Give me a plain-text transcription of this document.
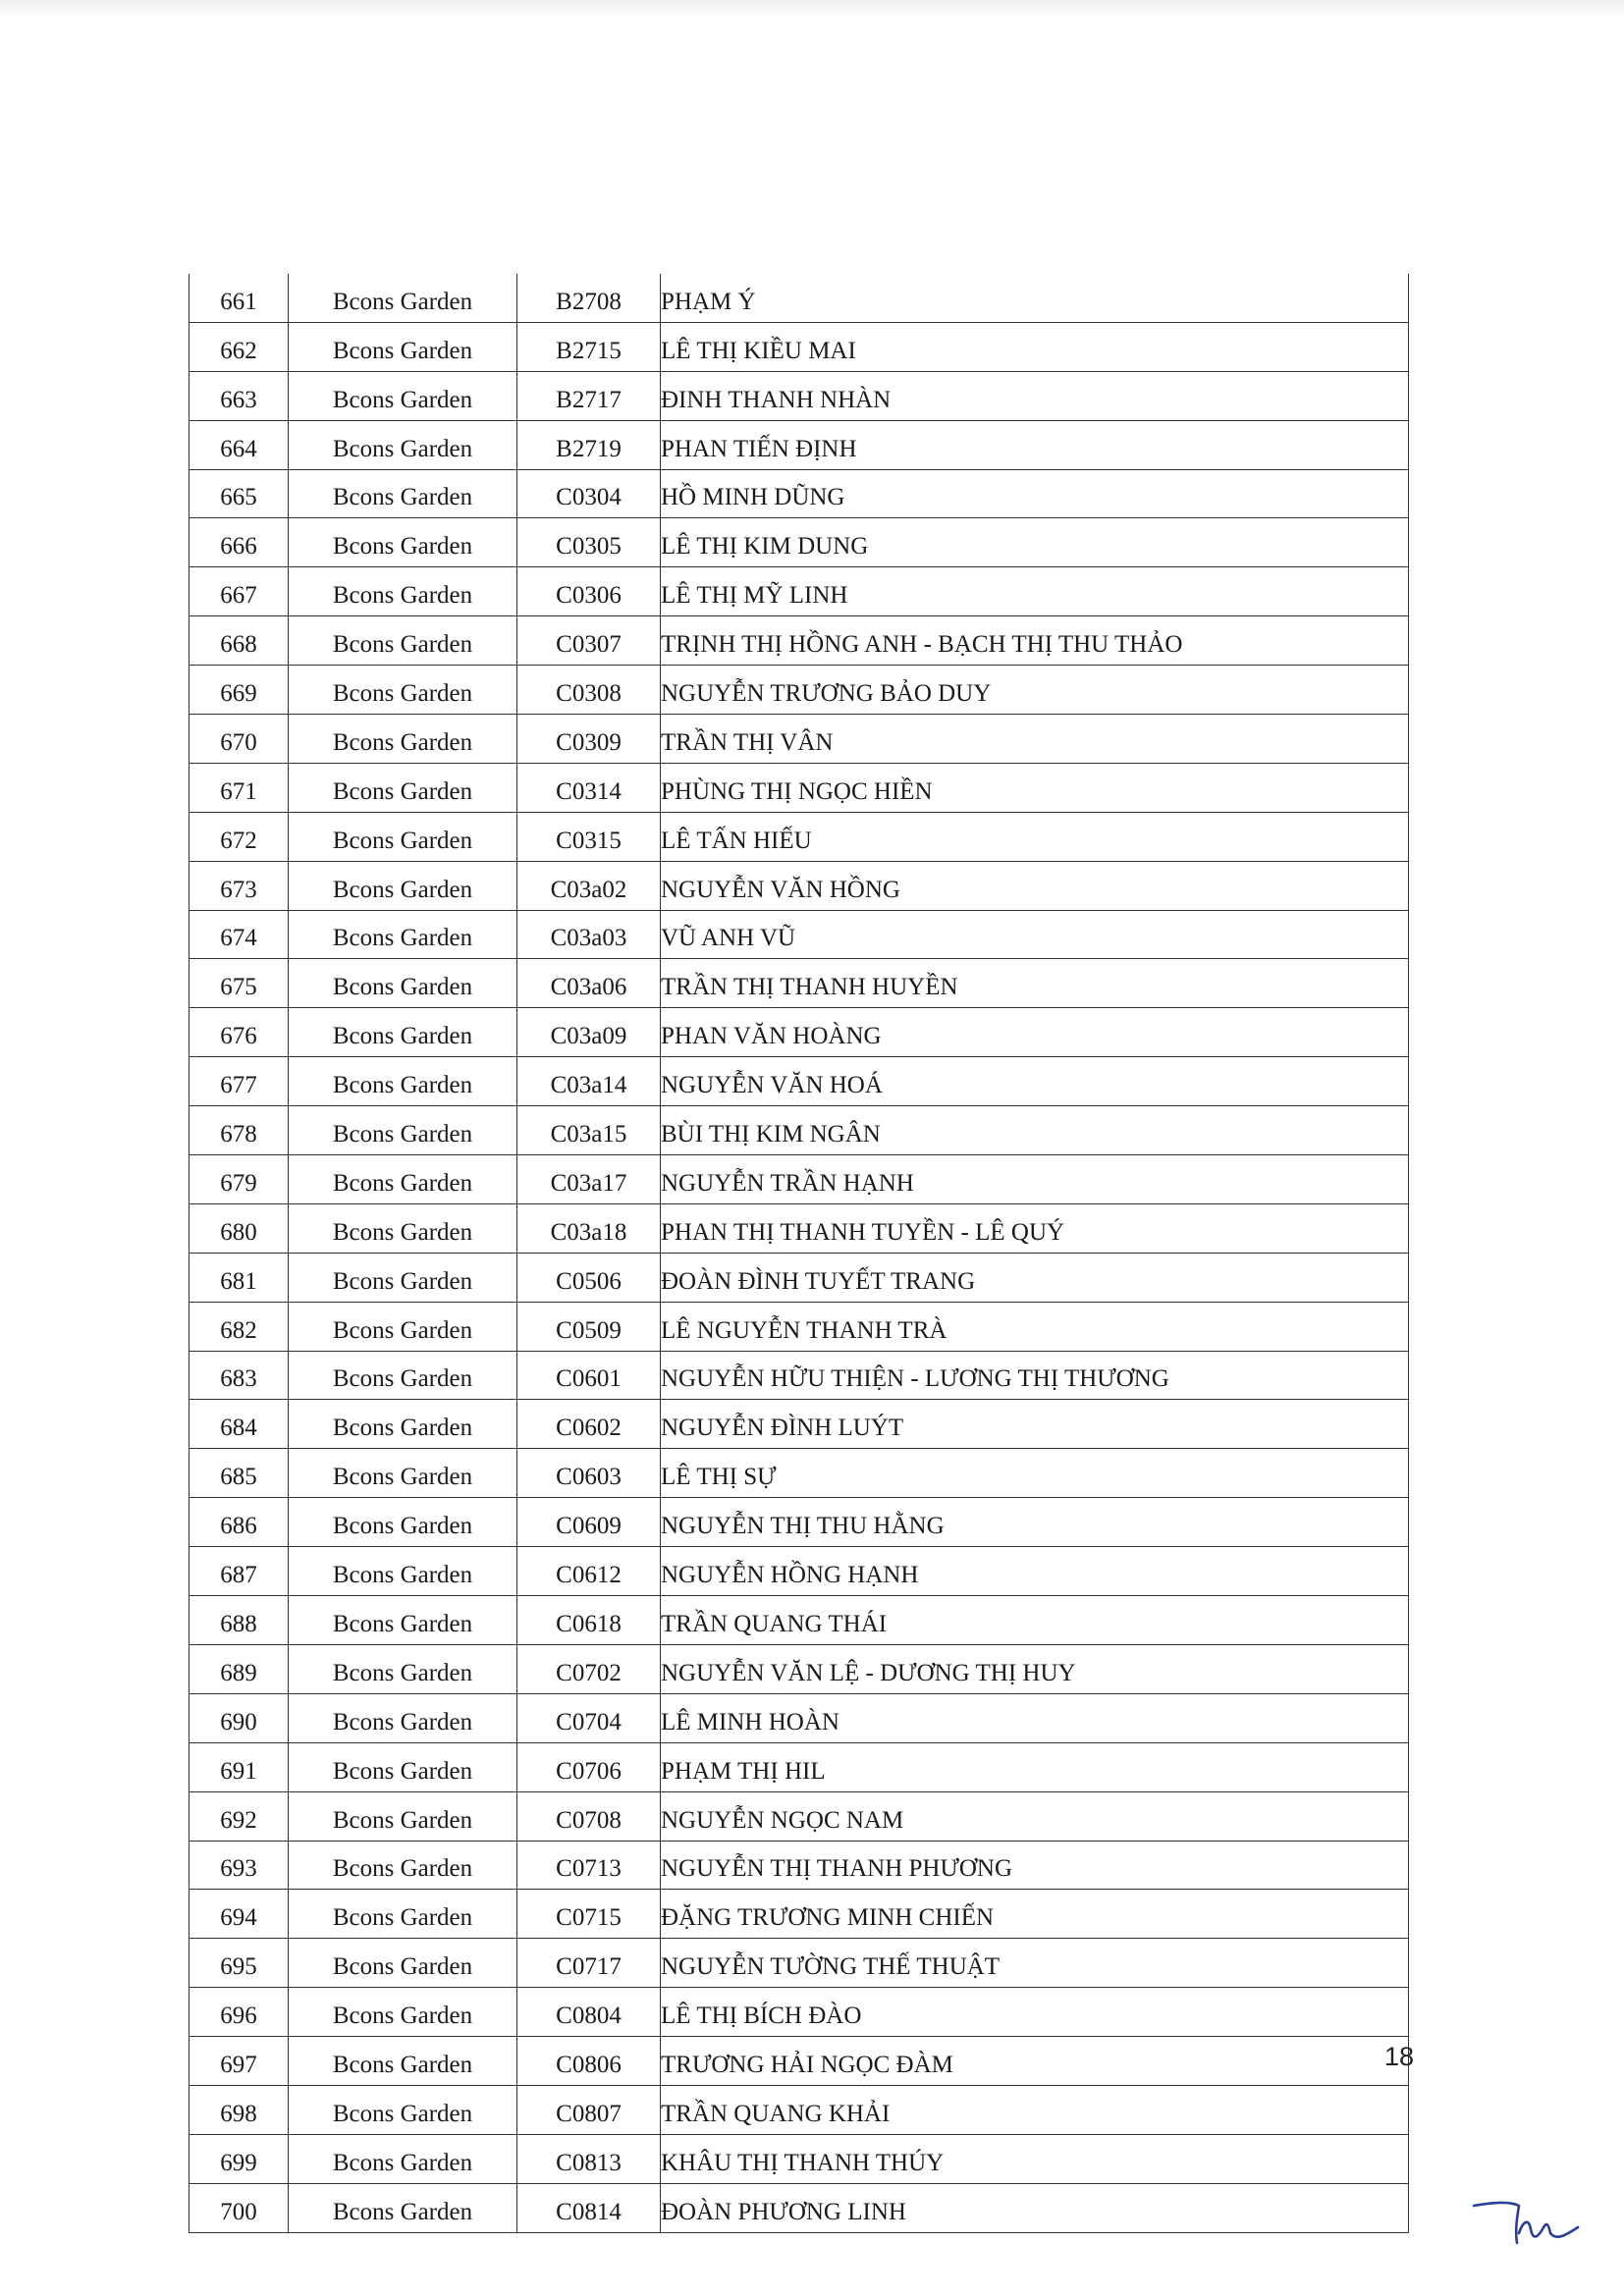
661	Bcons Garden	B2708	PHẠM Ý
662	Bcons Garden	B2715	LÊ THỊ KIỀU MAI
663	Bcons Garden	B2717	ĐINH THANH NHÀN
664	Bcons Garden	B2719	PHAN TIẾN ĐỊNH
665	Bcons Garden	C0304	HỒ MINH DŨNG
666	Bcons Garden	C0305	LÊ THỊ KIM DUNG
667	Bcons Garden	C0306	LÊ THỊ MỸ LINH
668	Bcons Garden	C0307	TRỊNH THỊ HỒNG ANH - BẠCH THỊ THU THẢO
669	Bcons Garden	C0308	NGUYỄN TRƯƠNG BẢO DUY
670	Bcons Garden	C0309	TRẦN THỊ VÂN
671	Bcons Garden	C0314	PHÙNG THỊ NGỌC HIỀN
672	Bcons Garden	C0315	LÊ TẤN HIẾU
673	Bcons Garden	C03a02	NGUYỄN VĂN HỒNG
674	Bcons Garden	C03a03	VŨ ANH VŨ
675	Bcons Garden	C03a06	TRẦN THỊ THANH HUYỀN
676	Bcons Garden	C03a09	PHAN VĂN HOÀNG
677	Bcons Garden	C03a14	NGUYỄN VĂN HOÁ
678	Bcons Garden	C03a15	BÙI THỊ KIM NGÂN
679	Bcons Garden	C03a17	NGUYỄN TRẦN HẠNH
680	Bcons Garden	C03a18	PHAN THỊ THANH TUYỀN - LÊ QUÝ
681	Bcons Garden	C0506	ĐOÀN ĐÌNH TUYẾT TRANG
682	Bcons Garden	C0509	LÊ NGUYỄN THANH TRÀ
683	Bcons Garden	C0601	NGUYỄN HỮU THIỆN - LƯƠNG THỊ THƯƠNG
684	Bcons Garden	C0602	NGUYỄN ĐÌNH LUÝT
685	Bcons Garden	C0603	LÊ THỊ SỰ
686	Bcons Garden	C0609	NGUYỄN THỊ THU HẰNG
687	Bcons Garden	C0612	NGUYỄN HỒNG HẠNH
688	Bcons Garden	C0618	TRẦN QUANG THÁI
689	Bcons Garden	C0702	NGUYỄN VĂN LỆ - DƯƠNG THỊ HUY
690	Bcons Garden	C0704	LÊ MINH HOÀN
691	Bcons Garden	C0706	PHẠM THỊ HIL
692	Bcons Garden	C0708	NGUYỄN NGỌC NAM
693	Bcons Garden	C0713	NGUYỄN THỊ THANH PHƯƠNG
694	Bcons Garden	C0715	ĐẶNG TRƯƠNG MINH CHIẾN
695	Bcons Garden	C0717	NGUYỄN TƯỜNG THẾ THUẬT
696	Bcons Garden	C0804	LÊ THỊ BÍCH ĐÀO
697	Bcons Garden	C0806	TRƯƠNG HẢI NGỌC ĐÀM
698	Bcons Garden	C0807	TRẦN QUANG KHẢI
699	Bcons Garden	C0813	KHÂU THỊ THANH THÚY
700	Bcons Garden	C0814	ĐOÀN PHƯƠNG LINH
18
